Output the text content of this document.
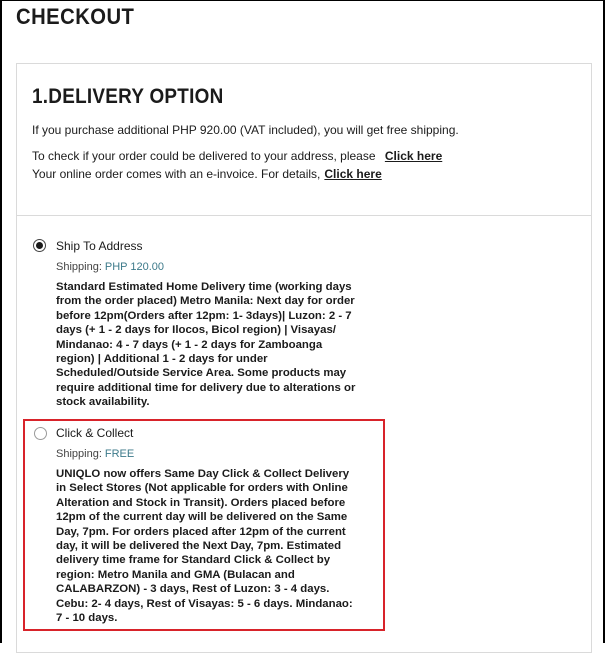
CHECKOUT
1.DELIVERY OPTION
If you purchase additional PHP 920.00 (VAT included), you will get free shipping.
To check if your order could be delivered to your address, please Click here
Your online order comes with an e-invoice. For details, Click here
Ship To Address
Shipping: PHP 120.00
Standard Estimated Home Delivery time (working days
from the order placed) Metro Manila: Next day for order
before 12pm(Orders after 12pm: 1- 3days)| Luzon: 2 - 7
days (+ 1 - 2 days for Ilocos, Bicol region) | Visayas/
Mindanao: 4 - 7 days (+ 1 - 2 days for Zamboanga
region) | Additional 1 - 2 days for under
Scheduled/Outside Service Area. Some products may
require additional time for delivery due to alterations or
stock availability.
Click & Collect
Shipping: FREE
UNIQLO now offers Same Day Click & Collect Delivery
in Select Stores (Not applicable for orders with Online
Alteration and Stock in Transit). Orders placed before
12pm of the current day will be delivered on the Same
Day, 7pm. For orders placed after 12pm of the current
day, it will be delivered the Next Day, 7pm. Estimated
delivery time frame for Standard Click & Collect by
region: Metro Manila and GMA (Bulacan and
CALABARZON) - 3 days, Rest of Luzon: 3 - 4 days.
Cebu: 2- 4 days, Rest of Visayas: 5 - 6 days. Mindanao:
7 - 10 days.
